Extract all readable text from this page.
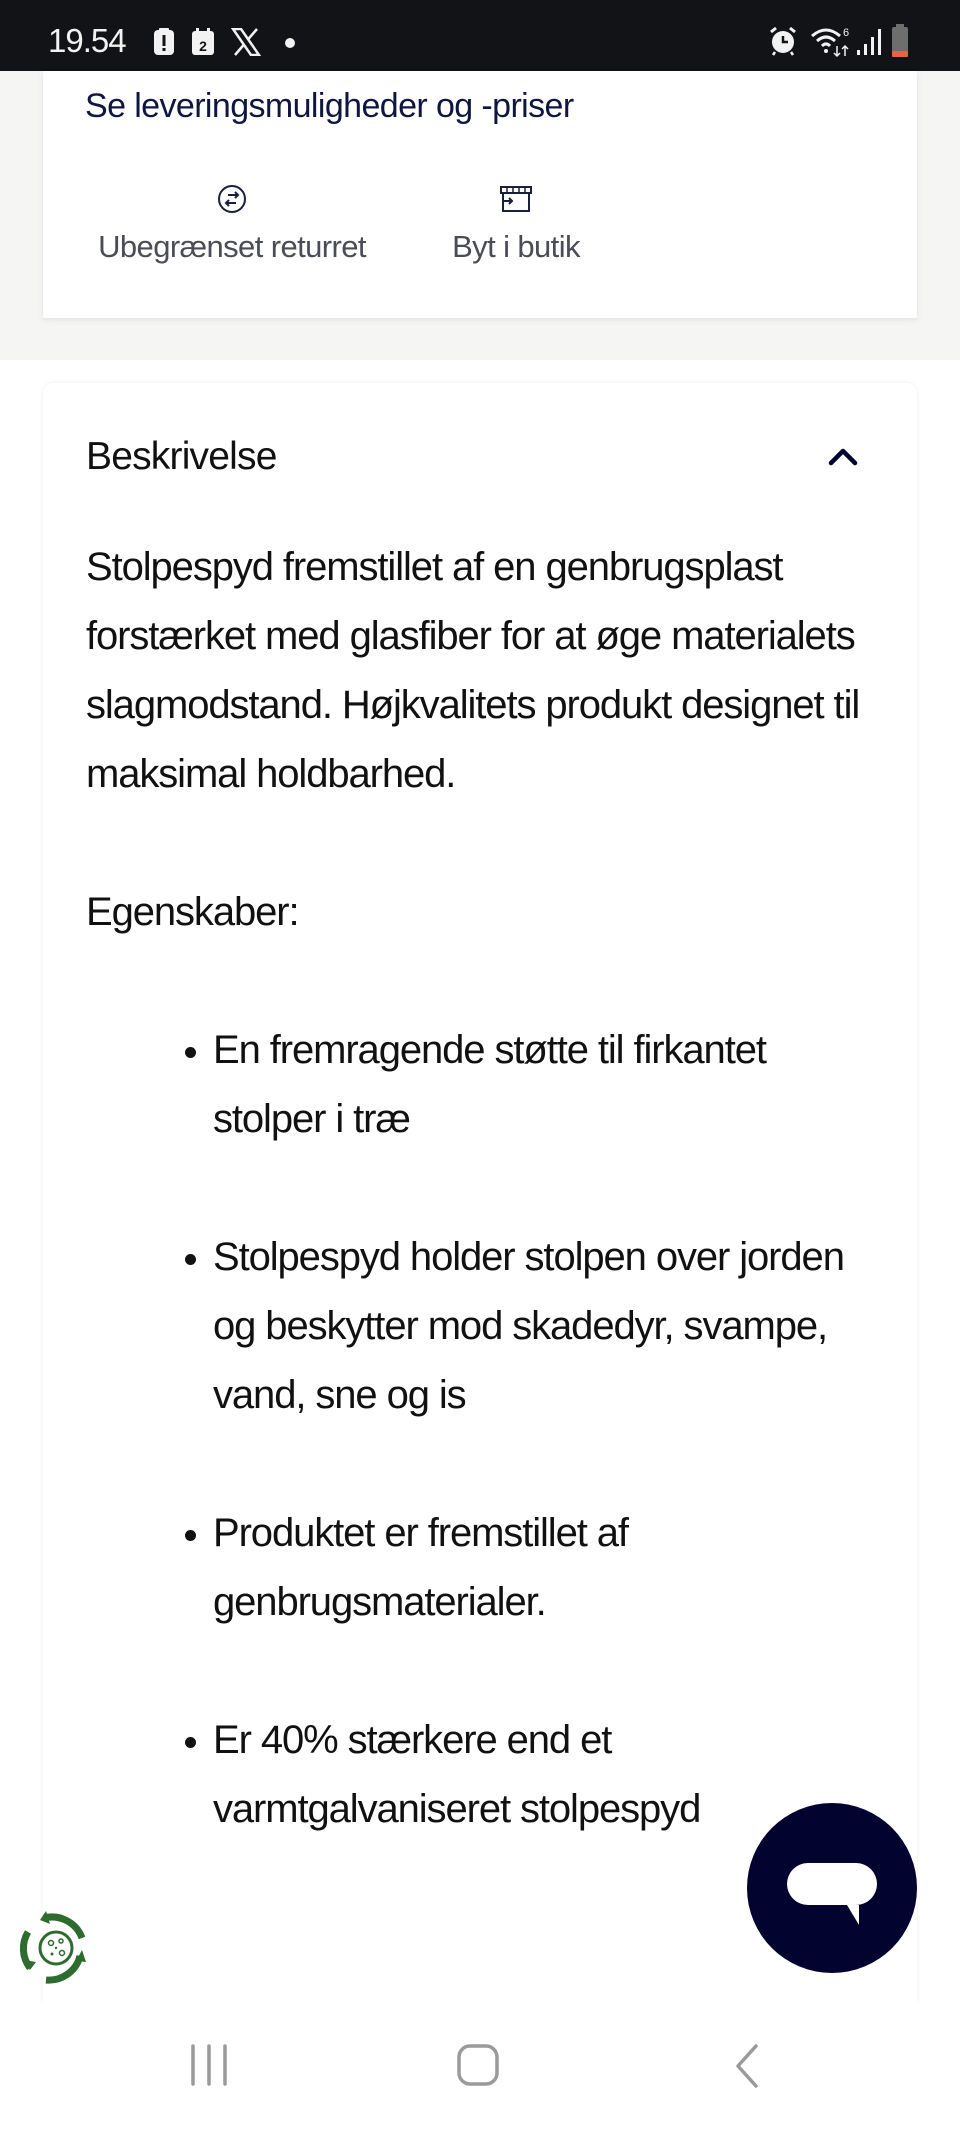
19.54	2
6
Se leveringsmuligheder og -priser
Ubegrænset returret	Byt i butik
Beskrivelse

Stolpespyd fremstillet af en genbrugsplast forstærket med glasfiber for at øge materialets slagmodstand. Højkvalitets produkt designet til maksimal holdbarhed.

Egenskaber:

En fremragende støtte til firkantet stolper i træ
Stolpespyd holder stolpen over jorden og beskytter mod skadedyr, svampe, vand, sne og is
Produktet er fremstillet af genbrugsmaterialer.
Er 40% stærkere end et varmtgalvaniseret stolpespyd
